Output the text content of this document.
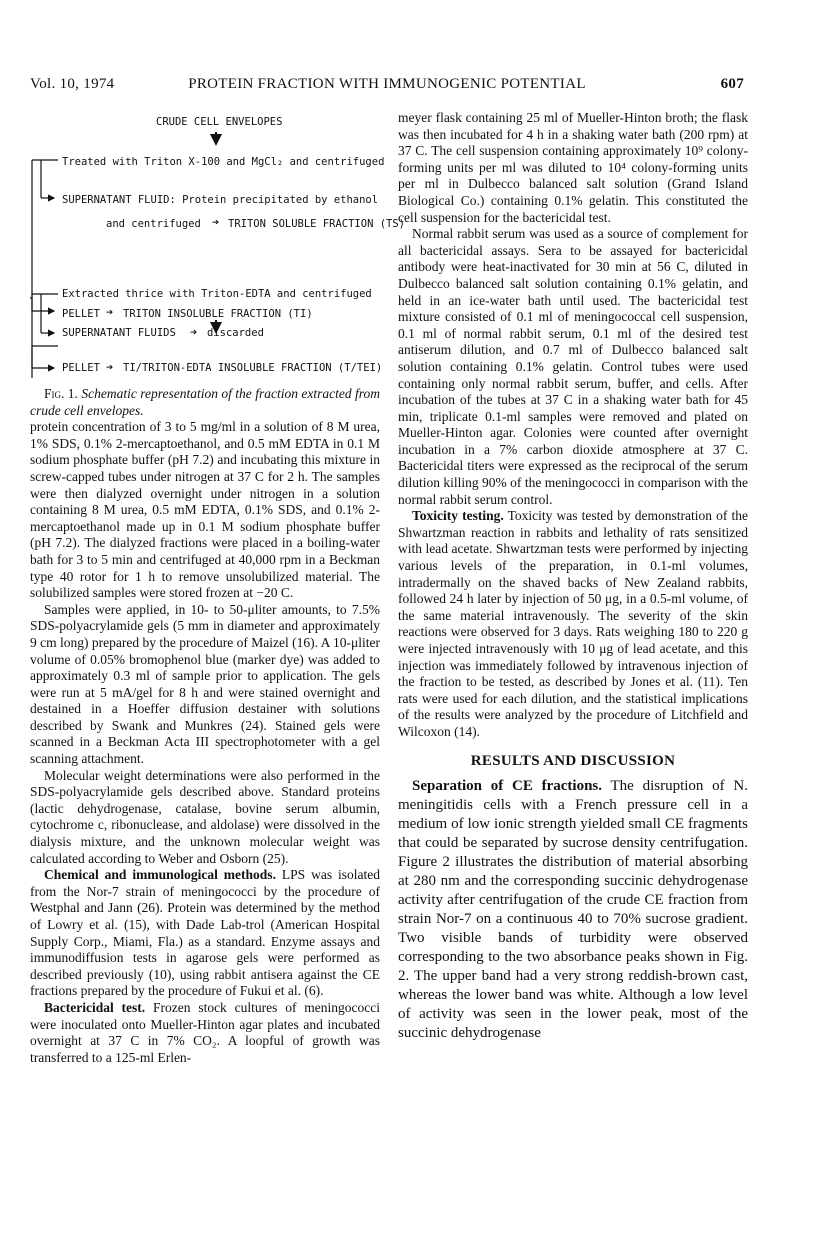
Vol. 10, 1974	PROTEIN FRACTION WITH IMMUNOGENIC POTENTIAL	607
CRUDE CELL ENVELOPES
Treated with Triton X-100 and MgCl₂ and centrifuged
SUPERNATANT FLUID: Protein precipitated by ethanol
and centrifuged ➔ TRITON SOLUBLE FRACTION (TS)
PELLET ➔ TRITON INSOLUBLE FRACTION (TI)
Extracted thrice with Triton-EDTA and centrifuged
SUPERNATANT FLUIDS ➔ discarded
PELLET ➔ TI/TRITON-EDTA INSOLUBLE FRACTION (T/TEI)

Fig. 1. Schematic representation of the fraction extracted from crude cell envelopes.

protein concentration of 3 to 5 mg/ml in a solution of 8 M urea, 1% SDS, 0.1% 2-mercaptoethanol, and 0.5 mM EDTA in 0.1 M sodium phosphate buffer (pH 7.2) and incubating this mixture in screw-capped tubes under nitrogen at 37 C for 2 h. The samples were then dialyzed overnight under nitrogen in a solution containing 8 M urea, 0.5 mM EDTA, 0.1% SDS, and 0.1% 2-mercaptoethanol made up in 0.1 M sodium phosphate buffer (pH 7.2). The dialyzed fractions were placed in a boiling-water bath for 3 to 5 min and centrifuged at 40,000 rpm in a Beckman type 40 rotor for 1 h to remove unsolubilized material. The solubilized samples were stored frozen at −20 C.

Samples were applied, in 10- to 50-μliter amounts, to 7.5% SDS-polyacrylamide gels (5 mm in diameter and approximately 9 cm long) prepared by the procedure of Maizel (16). A 10-μliter volume of 0.05% bromophenol blue (marker dye) was added to approximately 0.3 ml of sample prior to application. The gels were run at 5 mA/gel for 8 h and were stained overnight and destained in a Hoeffer diffusion destainer with solutions described by Swank and Munkres (24). Stained gels were scanned in a Beckman Acta III spectrophotometer with a gel scanning attachment.

Molecular weight determinations were also performed in the SDS-polyacrylamide gels described above. Standard proteins (lactic dehydrogenase, catalase, bovine serum albumin, cytochrome c, ribonuclease, and aldolase) were dissolved in the dialysis mixture, and the unknown molecular weight was calculated according to Weber and Osborn (25).

Chemical and immunological methods. LPS was isolated from the Nor-7 strain of meningococci by the procedure of Westphal and Jann (26). Protein was determined by the method of Lowry et al. (15), with Dade Lab-trol (American Hospital Supply Corp., Miami, Fla.) as a standard. Enzyme assays and immunodiffusion tests in agarose gels were performed as described previously (10), using rabbit antisera against the CE fractions prepared by the procedure of Fukui et al. (6).

Bactericidal test. Frozen stock cultures of meningococci were inoculated onto Mueller-Hinton agar plates and incubated overnight at 37 C in 7% CO₂. A loopful of growth was transferred to a 125-ml Erlen-

meyer flask containing 25 ml of Mueller-Hinton broth; the flask was then incubated for 4 h in a shaking water bath (200 rpm) at 37 C. The cell suspension containing approximately 10⁹ colony-forming units per ml was diluted to 10⁴ colony-forming units per ml in Dulbecco balanced salt solution (Grand Island Biological Co.) containing 0.1% gelatin. This constituted the cell suspension for the bactericidal test.

Normal rabbit serum was used as a source of complement for all bactericidal assays. Sera to be assayed for bactericidal antibody were heat-inactivated for 30 min at 56 C, diluted in Dulbecco balanced salt solution containing 0.1% gelatin, and held in an ice-water bath until used. The bactericidal test mixture consisted of 0.1 ml of meningococcal cell suspension, 0.1 ml of normal rabbit serum, 0.1 ml of the desired test antiserum dilution, and 0.7 ml of Dulbecco balanced salt solution containing 0.1% gelatin. Control tubes were used containing only normal rabbit serum, buffer, and cells. After incubation of the tubes at 37 C in a shaking water bath for 45 min, triplicate 0.1-ml samples were removed and plated on Mueller-Hinton agar. Colonies were counted after overnight incubation in a 7% carbon dioxide atmosphere at 37 C. Bactericidal titers were expressed as the reciprocal of the serum dilution killing 90% of the meningococci in comparison with the normal rabbit serum control.

Toxicity testing. Toxicity was tested by demonstration of the Shwartzman reaction in rabbits and lethality of rats sensitized with lead acetate. Shwartzman tests were performed by injecting various levels of the preparation, in 0.1-ml volumes, intradermally on the shaved backs of New Zealand rabbits, followed 24 h later by injection of 50 μg, in a 0.5-ml volume, of the same material intravenously. The severity of the skin reactions were observed for 3 days. Rats weighing 180 to 220 g were injected intravenously with 10 μg of lead acetate, and this injection was immediately followed by intravenous injection of the fraction to be tested, as described by Jones et al. (11). Ten rats were used for each dilution, and the statistical implications of the results were analyzed by the procedure of Litchfield and Wilcoxon (14).

RESULTS AND DISCUSSION

Separation of CE fractions. The disruption of N. meningitidis cells with a French pressure cell in a medium of low ionic strength yielded small CE fragments that could be separated by sucrose density centrifugation. Figure 2 illustrates the distribution of material absorbing at 280 nm and the corresponding succinic dehydrogenase activity after centrifugation of the crude CE fraction from strain Nor-7 on a continuous 40 to 70% sucrose gradient. Two visible bands of turbidity were observed corresponding to the two absorbance peaks shown in Fig. 2. The upper band had a very strong reddish-brown cast, whereas the lower band was white. Although a low level of activity was seen in the lower peak, most of the succinic dehydrogenase
